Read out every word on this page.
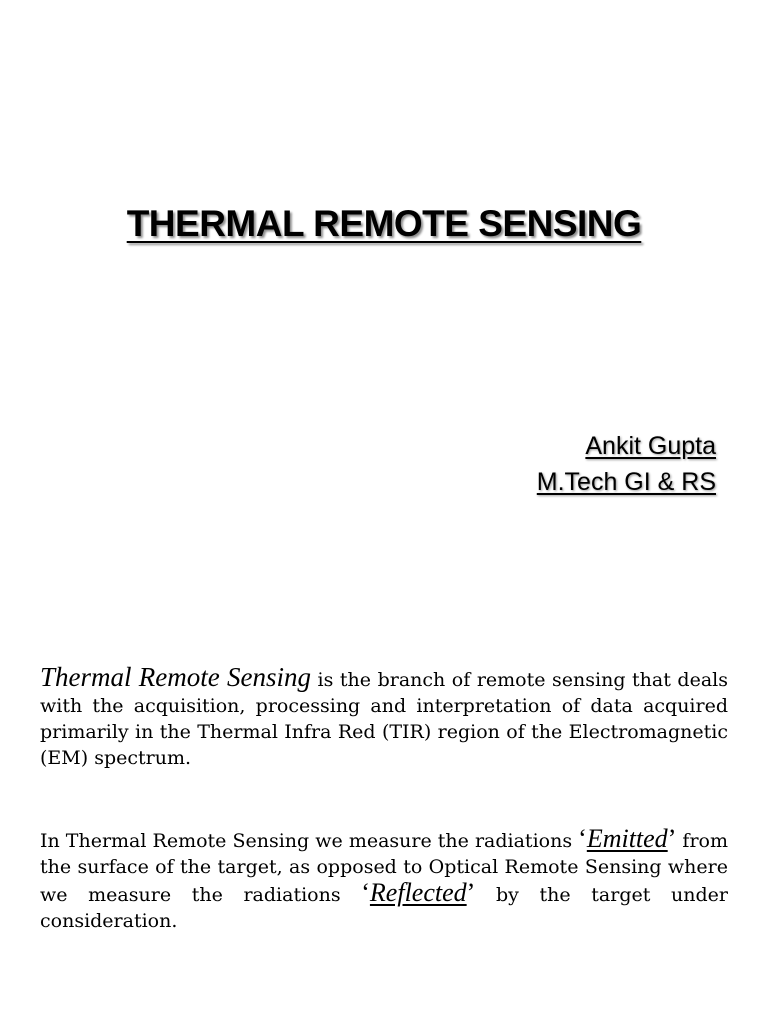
THERMAL REMOTE SENSING
Ankit Gupta
M.Tech GI & RS

Thermal Remote Sensing is the branch of remote sensing that deals with the acquisition, processing and interpretation of data acquired primarily in the Thermal Infra Red (TIR) region of the Electromagnetic (EM) spectrum.

In Thermal Remote Sensing we measure the radiations ‘Emitted’ from the surface of the target, as opposed to Optical Remote Sensing where we measure the radiations ‘Reflected’ by the target under consideration.
